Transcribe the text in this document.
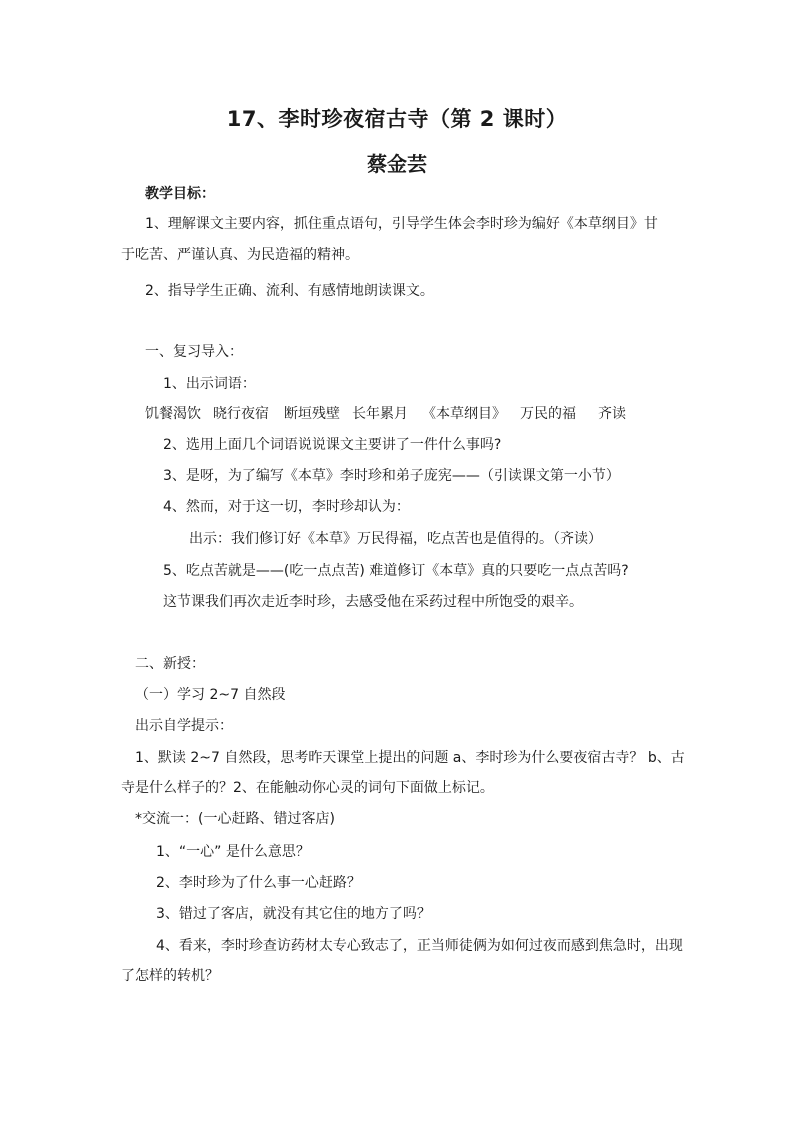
17、李时珍夜宿古寺（第 2 课时）
蔡金芸
教学目标：
1、理解课文主要内容，抓住重点语句，引导学生体会李时珍为编好《本草纲目》甘
于吃苦、严谨认真、为民造福的精神。
2、指导学生正确、流利、有感情地朗读课文。
一、复习导入：
1、出示词语：
饥餐渴饮 晓行夜宿 断垣残壁 长年累月 《本草纲目》 万民的福 齐读
2、选用上面几个词语说说课文主要讲了一件什么事吗?
3、是呀，为了编写《本草》李时珍和弟子庞宪——（引读课文第一小节）
4、然而，对于这一切，李时珍却认为：
出示：我们修订好《本草》万民得福，吃点苦也是值得的。（齐读）
5、吃点苦就是——(吃一点点苦) 难道修订《本草》真的只要吃一点点苦吗?
这节课我们再次走近李时珍，去感受他在采药过程中所饱受的艰辛。
二、新授：
（一）学习 2~7 自然段
出示自学提示：
1、默读 2~7 自然段，思考昨天课堂上提出的问题 a、李时珍为什么要夜宿古寺？ b、古
寺是什么样子的？2、在能触动你心灵的词句下面做上标记。
*交流一：(一心赶路、错过客店)
1、“一心” 是什么意思？
2、李时珍为了什么事一心赶路？
3、错过了客店，就没有其它住的地方了吗？
4、看来，李时珍查访药材太专心致志了，正当师徒俩为如何过夜而感到焦急时，出现
了怎样的转机？
